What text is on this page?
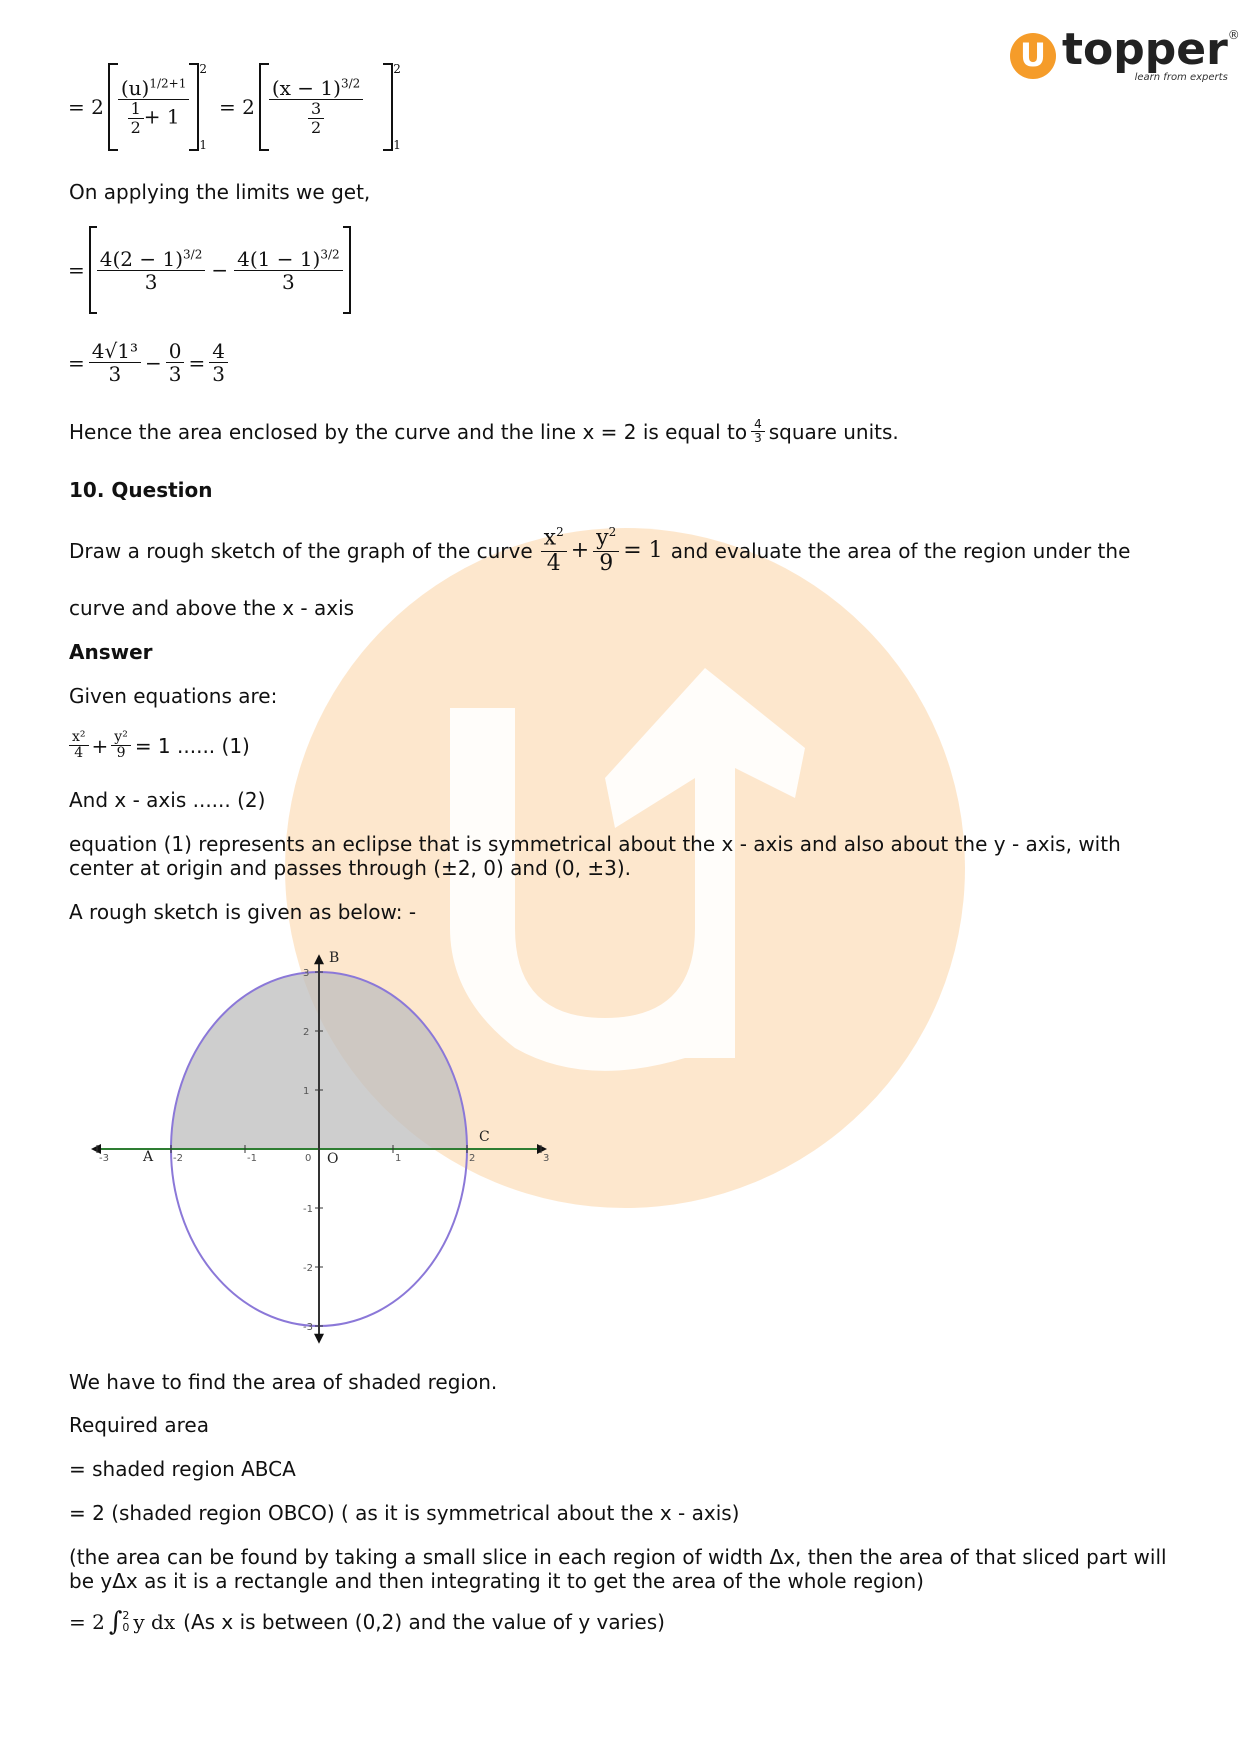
U topper
learn from experts
®
= $2 \frac{(u)^{1/2+1}}{\frac{1}{2} + 1}$
2
1
= $2 \frac{(x - 1)^{3/2}}{\frac{3}{2}}$
2
1
On applying the limits we get,
= $\frac{4(2 - 1)^{3/2}}{3} - \frac{4(1 - 1)^{3/2}}{3}$
= $\frac{\text{4√1³}}{3} - \frac{0}{3} = \frac{4}{3}$
Hence the area enclosed by the curve and the line x = 2 is equal to $\frac{4}{3}$ square units.
10. Question
Draw a rough sketch of the graph of the curve $\frac{x^2}{4} + \frac{y^2}{9} = 1$ and evaluate the area of the region under the
curve and above the x - axis
Answer
Given equations are:
$\frac{\text{x²}}{4} + \frac{\text{y²}}{9} = 1$ ...... (1)
And x - axis ...... (2)
equation (1) represents an eclipse that is symmetrical about the x - axis and also about the y - axis, with center at origin and passes through (±2, 0) and (0, ±3).
A rough sketch is given as below: -
-3	-2	-1	0	1	2	3
3
2
1
-1
-2
-3
A	O
B
C
We have to find the area of shaded region.
Required area
= shaded region ABCA
= 2 (shaded region OBCO) ( as it is symmetrical about the x - axis)
(the area can be found by taking a small slice in each region of width Δx, then the area of that sliced part will be yΔx as it is a rectangle and then integrating it to get the area of the whole region)
= 2 ∫ 2
0 y dx (As x is between (0,2) and the value of y varies)
